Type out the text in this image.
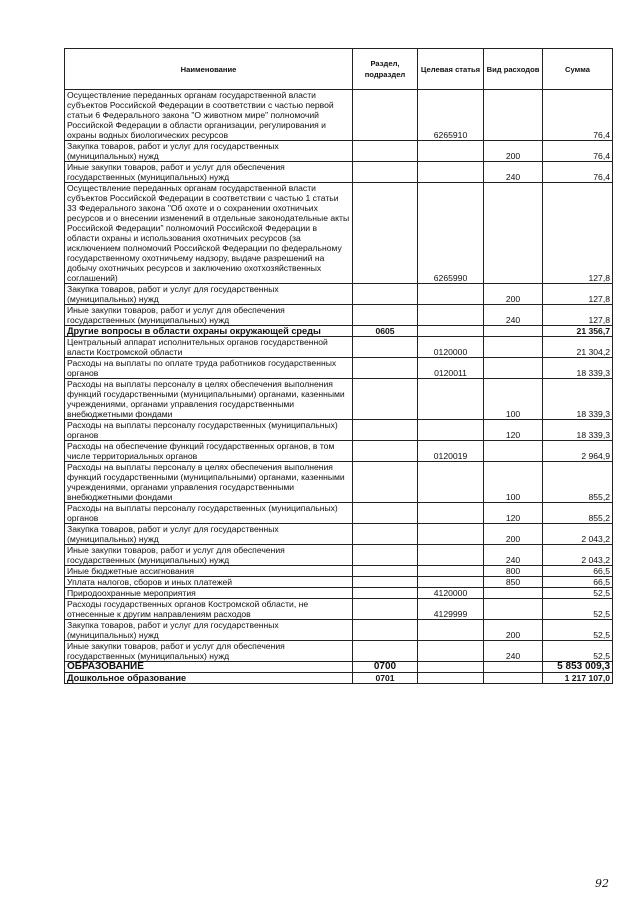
Наименование	Раздел, подраздел	Целевая статья	Вид расходов	Сумма
Осуществление переданных органам государственной власти субъектов Российской Федерации в соответствии с частью первой статьи 6 Федерального закона "О животном мире" полномочий Российской Федерации в области организации, регулирования и охраны водных биологических ресурсов		6265910		76,4
Закупка товаров, работ и услуг для государственных (муниципальных) нужд			200	76,4
Иные закупки товаров, работ и услуг для обеспечения государственных (муниципальных) нужд			240	76,4
Осуществление переданных органам государственной власти субъектов Российской Федерации в соответствии с частью 1 статьи 33 Федерального закона "Об охоте и о сохранении охотничьих ресурсов и о внесении изменений в отдельные законодательные акты Российской Федерации" полномочий Российской Федерации в области охраны и использования охотничьих ресурсов (за исключением полномочий Российской Федерации по федеральному государственному охотничьему надзору, выдаче разрешений на добычу охотничьих ресурсов и заключению охотхозяйственных соглашений)		6265990		127,8
Закупка товаров, работ и услуг для государственных (муниципальных) нужд			200	127,8
Иные закупки товаров, работ и услуг для обеспечения государственных (муниципальных) нужд			240	127,8
Другие вопросы в области охраны окружающей среды	0605			21 356,7
Центральный аппарат исполнительных органов государственной власти Костромской области		0120000		21 304,2
Расходы на выплаты по оплате труда работников государственных органов		0120011		18 339,3
Расходы на выплаты персоналу в целях обеспечения выполнения функций государственными (муниципальными) органами, казенными учреждениями, органами управления государственными внебюджетными фондами			100	18 339,3
Расходы на выплаты персоналу государственных (муниципальных) органов			120	18 339,3
Расходы на обеспечение функций государственных органов, в том числе территориальных органов		0120019		2 964,9
Расходы на выплаты персоналу в целях обеспечения выполнения функций государственными (муниципальными) органами, казенными учреждениями, органами управления государственными внебюджетными фондами			100	855,2
Расходы на выплаты персоналу государственных (муниципальных) органов			120	855,2
Закупка товаров, работ и услуг для государственных (муниципальных) нужд			200	2 043,2
Иные закупки товаров, работ и услуг для обеспечения государственных (муниципальных) нужд			240	2 043,2
Иные бюджетные ассигнования			800	66,5
Уплата налогов, сборов и иных платежей			850	66,5
Природоохранные мероприятия		4120000		52,5
Расходы государственных органов Костромской области, не отнесенные к другим направлениям расходов		4129999		52,5
Закупка товаров, работ и услуг для государственных (муниципальных) нужд			200	52,5
Иные закупки товаров, работ и услуг для обеспечения государственных (муниципальных) нужд			240	52,5
ОБРАЗОВАНИЕ	0700			5 853 009,3
Дошкольное образование	0701			1 217 107,0
92
